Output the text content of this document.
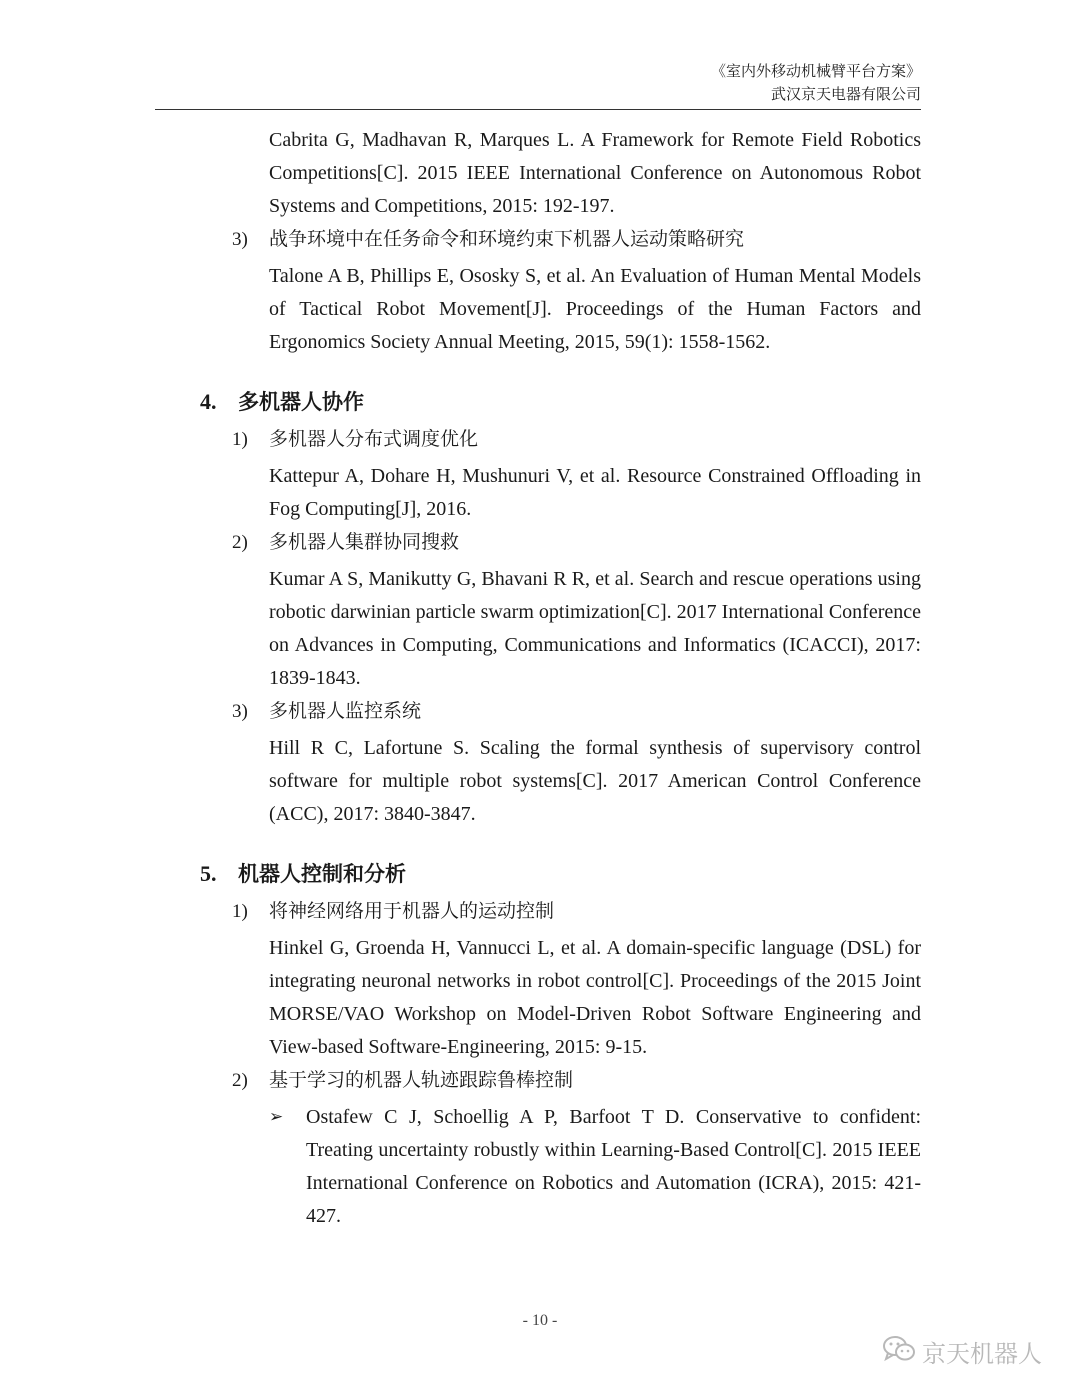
《室内外移动机械臂平台方案》
武汉京天电器有限公司
Cabrita G, Madhavan R, Marques L. A Framework for Remote Field Robotics Competitions[C]. 2015 IEEE International Conference on Autonomous Robot Systems and Competitions, 2015: 192-197.
3)	战争环境中在任务命令和环境约束下机器人运动策略研究
Talone A B, Phillips E, Ososky S, et al. An Evaluation of Human Mental Models of Tactical Robot Movement[J]. Proceedings of the Human Factors and Ergonomics Society Annual Meeting, 2015, 59(1): 1558-1562.
4.	多机器人协作
1)	多机器人分布式调度优化
Kattepur A, Dohare H, Mushunuri V, et al. Resource Constrained Offloading in Fog Computing[J], 2016.
2)	多机器人集群协同搜救
Kumar A S, Manikutty G, Bhavani R R, et al. Search and rescue operations using robotic darwinian particle swarm optimization[C]. 2017 International Conference on Advances in Computing, Communications and Informatics (ICACCI), 2017: 1839-1843.
3)	多机器人监控系统
Hill R C, Lafortune S. Scaling the formal synthesis of supervisory control software for multiple robot systems[C]. 2017 American Control Conference (ACC), 2017: 3840-3847.
5.	机器人控制和分析
1)	将神经网络用于机器人的运动控制
Hinkel G, Groenda H, Vannucci L, et al. A domain-specific language (DSL) for integrating neuronal networks in robot control[C]. Proceedings of the 2015 Joint MORSE/VAO Workshop on Model-Driven Robot Software Engineering and View-based Software-Engineering, 2015: 9-15.
2)	基于学习的机器人轨迹跟踪鲁棒控制
➢	Ostafew C J, Schoellig A P, Barfoot T D. Conservative to confident: Treating uncertainty robustly within Learning-Based Control[C]. 2015 IEEE International Conference on Robotics and Automation (ICRA), 2015: 421-427.
- 10 -
京天机器人
